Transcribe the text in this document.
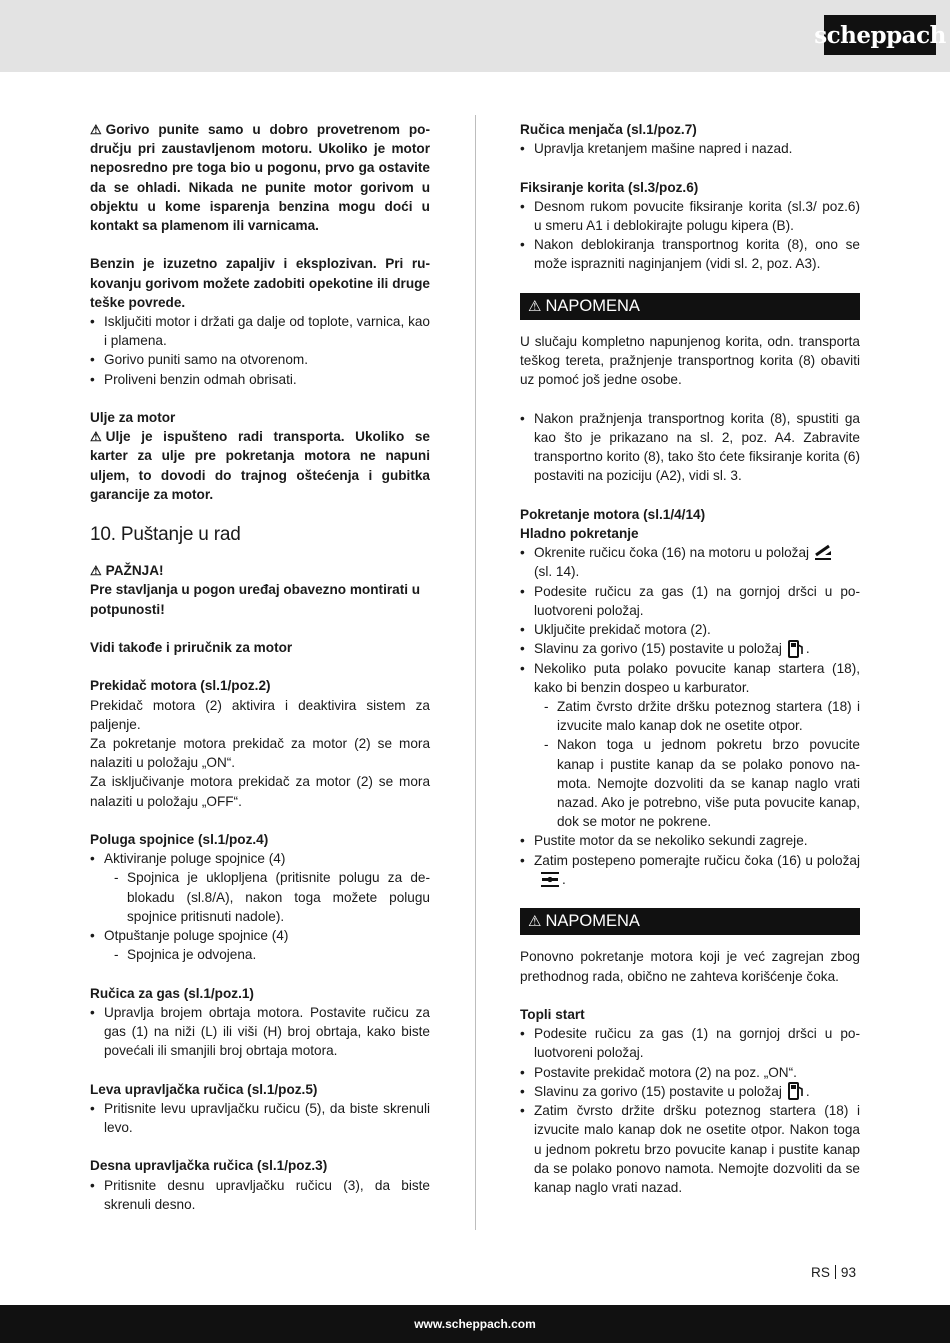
scheppach
⚠ Gorivo punite samo u dobro provetrenom području pri zaustavljenom motoru. Ukoliko je motor neposredno pre toga bio u pogonu, prvo ga ostavite da se ohladi. Nikada ne punite motor gorivom u objektu u kome isparenja benzina mogu doći u kontakt sa plamenom ili varnicama.
Benzin je izuzetno zapaljiv i eksplozivan. Pri rukovanju gorivom možete zadobiti opekotine ili druge teške povrede.
• Isključiti motor i držati ga dalje od toplote, varnica, kao i plamena.
• Gorivo puniti samo na otvorenom.
• Proliveni benzin odmah obrisati.
Ulje za motor
⚠ Ulje je ispušteno radi transporta. Ukoliko se karter za ulje pre pokretanja motora ne napuni uljem, to dovodi do trajnog oštećenja i gubitka garancije za motor.
10. Puštanje u rad
⚠ PAŽNJA!
Pre stavljanja u pogon uređaj obavezno montirati u potpunosti!
Vidi takođe i priručnik za motor
Prekidač motora (sl.1/poz.2)
Prekidač motora (2) aktivira i deaktivira sistem za paljenje.
Za pokretanje motora prekidač za motor (2) se mora nalaziti u položaju „ON“.
Za isključivanje motora prekidač za motor (2) se mora nalaziti u položaju „OFF“.
Poluga spojnice (sl.1/poz.4)
• Aktiviranje poluge spojnice (4)
- Spojnica je uklopljena (pritisnite polugu za deblokadu (sl.8/A), nakon toga možete polugu spojnice pritisnuti nadole).
• Otpuštanje poluge spojnice (4)
- Spojnica je odvojena.
Ručica za gas (sl.1/poz.1)
• Upravlja brojem obrtaja motora. Postavite ručicu za gas (1) na niži (L) ili viši (H) broj obrtaja, kako biste povećali ili smanjili broj obrtaja motora.
Leva upravljačka ručica (sl.1/poz.5)
• Pritisnite levu upravljačku ručicu (5), da biste skrenuli levo.
Desna upravljačka ručica (sl.1/poz.3)
• Pritisnite desnu upravljačku ručicu (3), da biste skrenuli desno.
Ručica menjača (sl.1/poz.7)
• Upravlja kretanjem mašine napred i nazad.
Fiksiranje korita (sl.3/poz.6)
• Desnom rukom povucite fiksiranje korita (sl.3/ poz.6) u smeru A1 i deblokirajte polugu kipera (B).
• Nakon deblokiranja transportnog korita (8), ono se može isprazniti naginjanjem (vidi sl. 2, poz. A3).
⚠ NAPOMENA
U slučaju kompletno napunjenog korita, odn. transporta teškog tereta, pražnjenje transportnog korita (8) obaviti uz pomoć još jedne osobe.
• Nakon pražnjenja transportnog korita (8), spustiti ga kao što je prikazano na sl. 2, poz. A4. Zabravite transportno korito (8), tako što ćete fiksiranje korita (6) postaviti na poziciju (A2), vidi sl. 3.
Pokretanje motora (sl.1/4/14)
Hladno pokretanje
• Okrenite ručicu čoka (16) na motoru u položaj
(sl. 14).
• Podesite ručicu za gas (1) na gornjoj dršci u poluotvoreni položaj.
• Uključite prekidač motora (2).
• Slavinu za gorivo (15) postavite u položaj .
• Nekoliko puta polako povucite kanap startera (18), kako bi benzin dospeo u karburator.
- Zatim čvrsto držite dršku poteznog startera (18) i izvucite malo kanap dok ne osetite otpor.
- Nakon toga u jednom pokretu brzo povucite kanap i pustite kanap da se polako ponovo namota. Nemojte dozvoliti da se kanap naglo vrati nazad. Ako je potrebno, više puta povucite kanap, dok se motor ne pokrene.
• Pustite motor da se nekoliko sekundi zagreje.
• Zatim postepeno pomerajte ručicu čoka (16) u položaj.
⚠ NAPOMENA
Ponovno pokretanje motora koji je već zagrejan zbog prethodnog rada, obično ne zahteva korišćenje čoka.
Topli start
• Podesite ručicu za gas (1) na gornjoj dršci u poluotvoreni položaj.
• Postavite prekidač motora (2) na poz. „ON“.
• Slavinu za gorivo (15) postavite u položaj .
• Zatim čvrsto držite dršku poteznog startera (18) i izvucite malo kanap dok ne osetite otpor. Nakon toga u jednom pokretu brzo povucite kanap i pustite kanap da se polako ponovo namota. Nemojte dozvoliti da se kanap naglo vrati nazad.
RS 93
www.scheppach.com
